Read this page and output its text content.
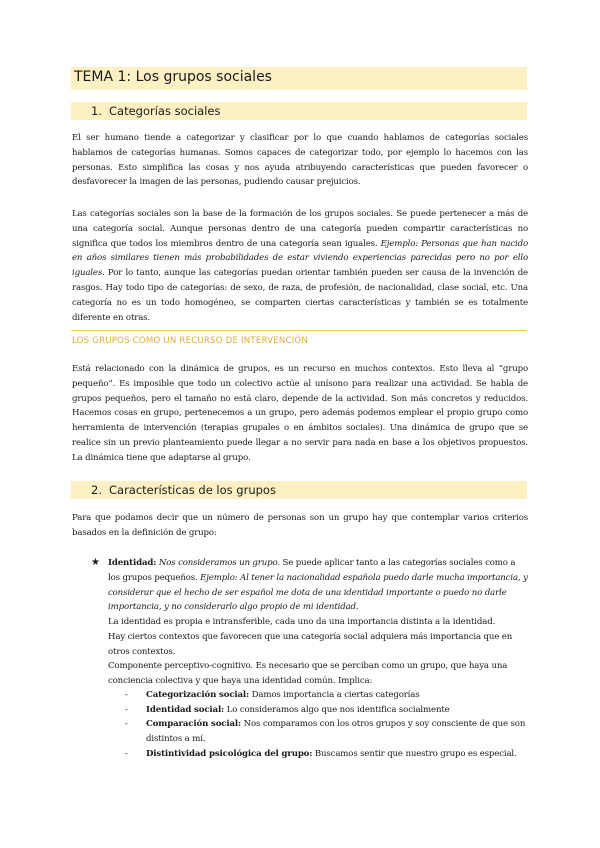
TEMA 1: Los grupos sociales
1. Categorías sociales
El ser humano tiende a categorizar y clasificar por lo que cuando hablamos de categorías sociales hablamos de categorías humanas. Somos capaces de categorizar todo, por ejemplo lo hacemos con las personas. Esto simplifica las cosas y nos ayuda atribuyendo características que pueden favorecer o desfavorecer la imagen de las personas, pudiendo causar prejuicios.
Las categorías sociales son la base de la formación de los grupos sociales. Se puede pertenecer a más de una categoría social. Aunque personas dentro de una categoría pueden compartir características no significa que todos los miembros dentro de una categoría sean iguales. Ejemplo: Personas que han nacido en años similares tienen más probabilidades de estar viviendo experiencias parecidas pero no por ello iguales. Por lo tanto, aunque las categorías puedan orientar también pueden ser causa de la invención de rasgos. Hay todo tipo de categorías: de sexo, de raza, de profesión, de nacionalidad, clase social, etc. Una categoría no es un todo homogéneo, se comparten ciertas características y también se es totalmente diferente en otras.
LOS GRUPOS COMO UN RECURSO DE INTERVENCIÓN
Está relacionado con la dinámica de grupos, es un recurso en muchos contextos. Esto lleva al “grupo pequeño”. Es imposible que todo un colectivo actúe al unísono para realizar una actividad. Se habla de grupos pequeños, pero el tamaño no está claro, depende de la actividad. Son más concretos y reducidos. Hacemos cosas en grupo, pertenecemos a un grupo, pero además podemos emplear el propio grupo como herramienta de intervención (terapias grupales o en ámbitos sociales). Una dinámica de grupo que se realice sin un previo planteamiento puede llegar a no servir para nada en base a los objetivos propuestos. La dinámica tiene que adaptarse al grupo.
2. Características de los grupos
Para que podamos decir que un número de personas son un grupo hay que contemplar varios criterios basados en la definición de grupo:
★ Identidad: Nos consideramos un grupo. Se puede aplicar tanto a las categorías sociales como a los grupos pequeños. Ejemplo: Al tener la nacionalidad española puedo darle mucha importancia, y considerar que el hecho de ser español me dota de una identidad importante o puedo no darle importancia, y no considerarlo algo propio de mi identidad.
La identidad es propia e intransferible, cada uno da una importancia distinta a la identidad.
Hay ciertos contextos que favorecen que una categoría social adquiera más importancia que en otros contextos.
Componente perceptivo-cognitivo. Es necesario que se perciban como un grupo, que haya una conciencia colectiva y que haya una identidad común. Implica:
- Categorización social: Damos importancia a ciertas categorías
- Identidad social: Lo consideramos algo que nos identifica socialmente
- Comparación social: Nos comparamos con los otros grupos y soy consciente de que son distintos a mí.
- Distintividad psicológica del grupo: Buscamos sentir que nuestro grupo es especial.
